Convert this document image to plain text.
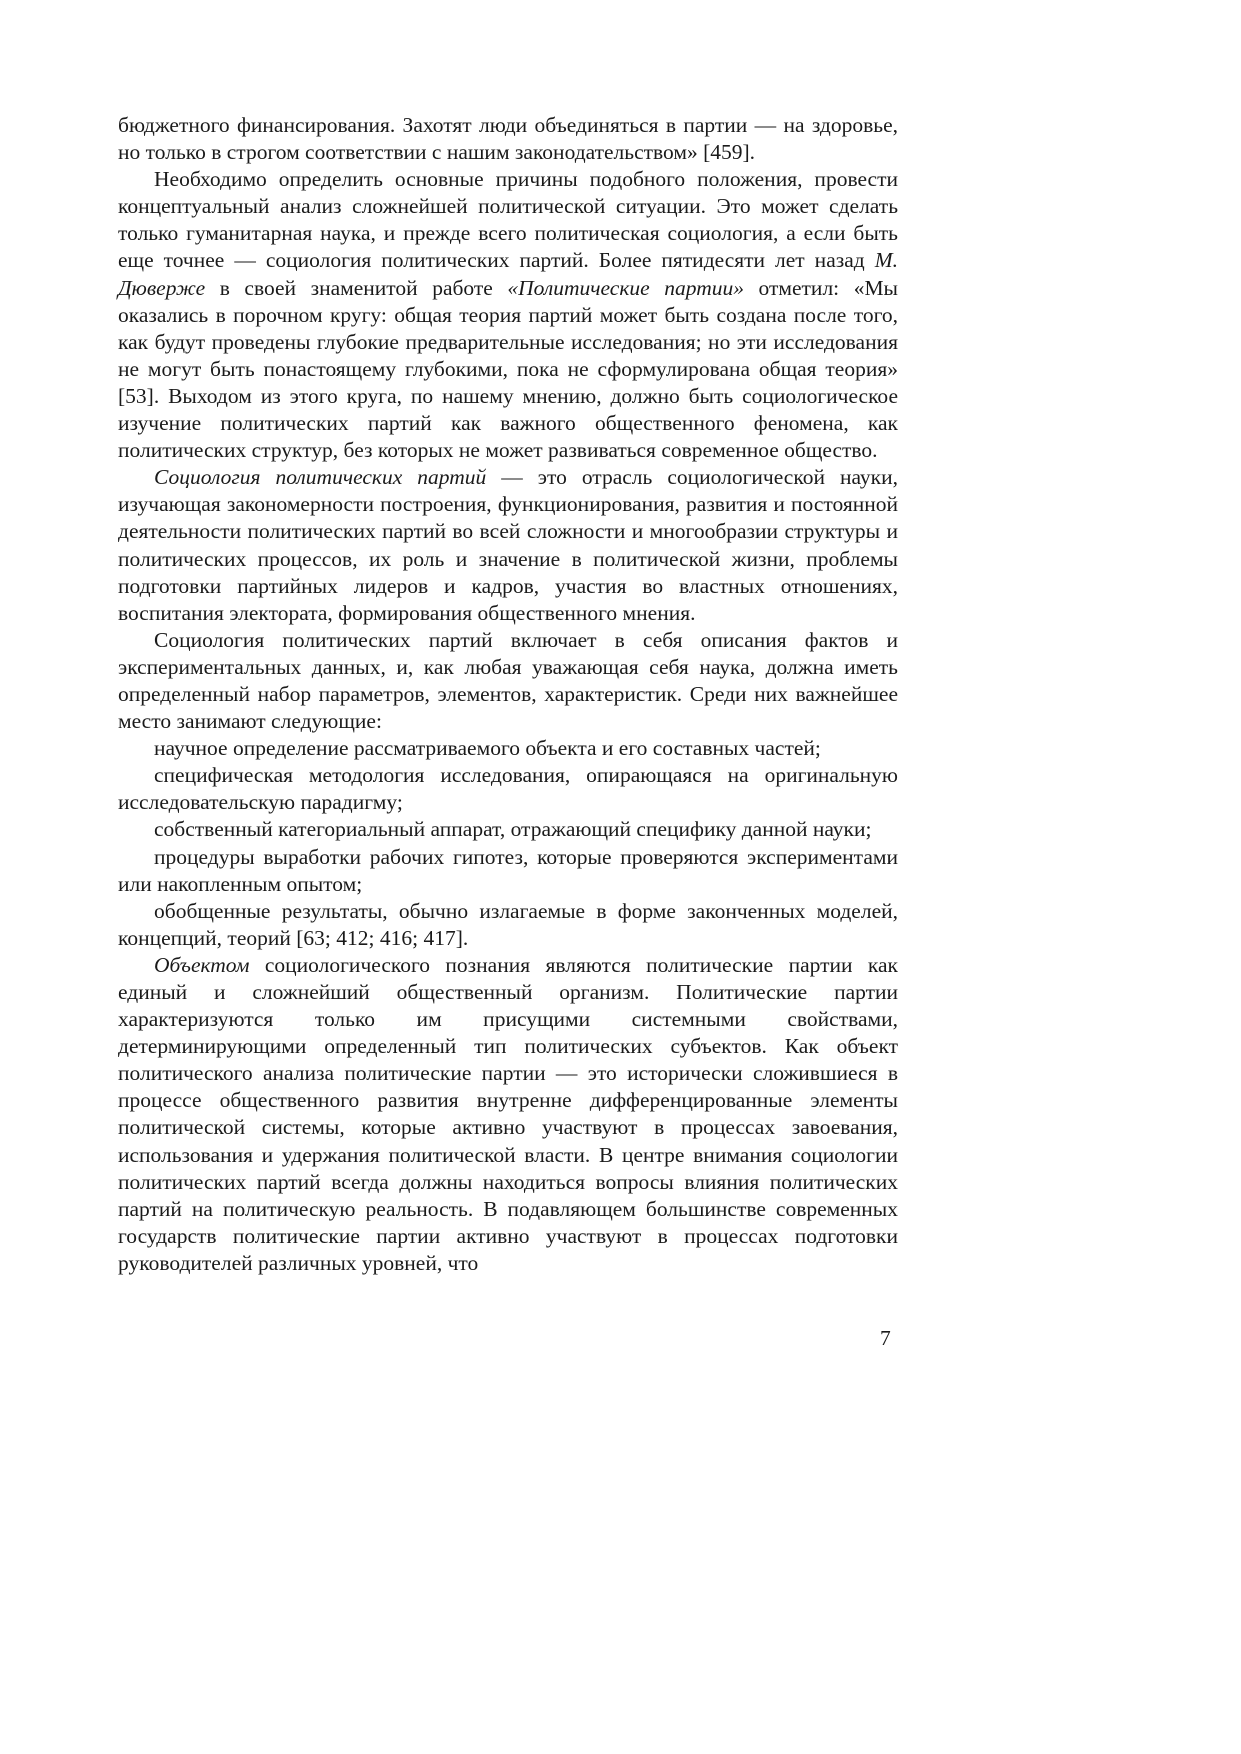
бюджетного финансирования. Захотят люди объединяться в партии — на здоровье, но только в строгом соответствии с нашим законодательством» [459].

Необходимо определить основные причины подобного положения, провести концептуальный анализ сложнейшей политической ситуации. Это может сделать только гуманитарная наука, и прежде всего политическая социология, а если быть еще точнее — социология политических партий. Более пятидесяти лет назад М. Дюверже в своей знаменитой работе «Политические партии» отметил: «Мы оказались в порочном кругу: общая теория партий может быть создана после того, как будут проведены глубокие предварительные исследования; но эти исследования не могут быть понастоящему глубокими, пока не сформулирована общая теория» [53]. Выходом из этого круга, по нашему мнению, должно быть социологическое изучение политических партий как важного общественного феномена, как политических структур, без которых не может развиваться современное общество.

Социология политических партий — это отрасль социологической науки, изучающая закономерности построения, функционирования, развития и постоянной деятельности политических партий во всей сложности и многообразии структуры и политических процессов, их роль и значение в политической жизни, проблемы подготовки партийных лидеров и кадров, участия во властных отношениях, воспитания электората, формирования общественного мнения.

Социология политических партий включает в себя описания фактов и экспериментальных данных, и, как любая уважающая себя наука, должна иметь определенный набор параметров, элементов, характеристик. Среди них важнейшее место занимают следующие:

научное определение рассматриваемого объекта и его составных частей;

специфическая методология исследования, опирающаяся на оригинальную исследовательскую парадигму;

собственный категориальный аппарат, отражающий специфику данной науки;

процедуры выработки рабочих гипотез, которые проверяются экспериментами или накопленным опытом;

обобщенные результаты, обычно излагаемые в форме законченных моделей, концепций, теорий [63; 412; 416; 417].

Объектом социологического познания являются политические партии как единый и сложнейший общественный организм. Политические партии характеризуются только им присущими системными свойствами, детерминирующими определенный тип политических субъектов. Как объект политического анализа политические партии — это исторически сложившиеся в процессе общественного развития внутренне дифференцированные элементы политической системы, которые активно участвуют в процессах завоевания, использования и удержания политической власти. В центре внимания социологии политических партий всегда должны находиться вопросы влияния политических партий на политическую реальность. В подавляющем большинстве современных государств политические партии активно участвуют в процессах подготовки руководителей различных уровней, что

7
